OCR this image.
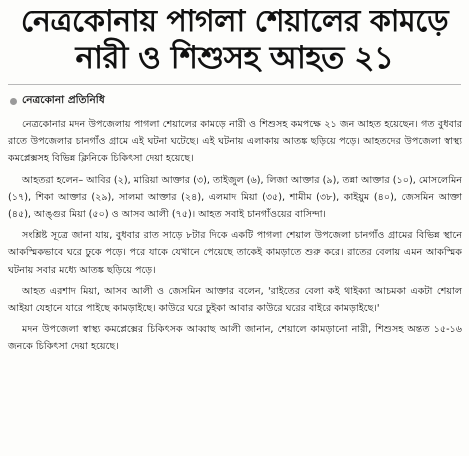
নেত্রকোনায় পাগলা শেয়ালের কামড়ে
নারী ও শিশুসহ আহত ২১
নেত্রকোনা প্রতিনিধি

নেত্রকোনার মদন উপজেলায় পাগলা শেয়ালের কামড়ে নারী ও শিশুসহ কমপক্ষে ২১ জন আহত হয়েছেন। গত বুধবার রাতে উপজেলার চানগাঁও গ্রামে এই ঘটনা ঘটেছে। এই ঘটনায় এলাকায় আতঙ্ক ছড়িয়ে পড়ে। আহতদের উপজেলা স্বাস্থ্য কমপ্লেক্সসহ বিভিন্ন ক্লিনিকে চিকিৎসা দেয়া হয়েছে।

আহতরা হলেন– আবির (২), মারিয়া আক্তার (৩), তাইজুল (৬), লিজা আক্তার (৯), তন্না আক্তার (১০), মোসলেমিন (১৭), শিকা আক্তার (২৯), সালমা আক্তার (২৪), এলমাদ মিয়া (৩৫), শামীম (৩৮), কাইয়ুম (৪০), জেসমিন আক্তা (৪৫), আঙ্গুর মিয়া (৫০) ও আসব আলী (৭৫)। আহত সবাই চানগাঁওয়ের বাসিন্দা।

সংশ্লিষ্ট সূত্রে জানা যায়, বুধবার রাত সাড়ে ৮টার দিকে একটি পাগলা শেয়াল উপজেলা চানগাঁও গ্রামের বিভিন্ন স্থানে আকস্মিকভাবে ঘরে ঢুকে পড়ে। পরে যাকে যেখানে পেয়েছে তাকেই কামড়াতে শুরু করে। রাতের বেলায় এমন আকস্মিক ঘটনায় সবার মধ্যে আতঙ্ক ছড়িয়ে পড়ে।

আহত এরশাদ মিয়া, আসব আলী ও জেসমিন আক্তার বলেন, 'রাইতের বেলা কই থাইক্যা আচমকা একটা শেয়াল আইয়া যেহানে যারে পাইছে কামড়াইছে। কাউরে ঘরে ঢুইকা আবার কাউরে ঘরের বাইরে কামড়াইছে।'

মদন উপজেলা স্বাস্থ্য কমপ্লেক্সের চিকিৎসক আব্বাছ আলী জানান, শেয়ালে কামড়ানো নারী, শিশুসহ অন্তত ১৫-১৬ জনকে চিকিৎসা দেয়া হয়েছে।
